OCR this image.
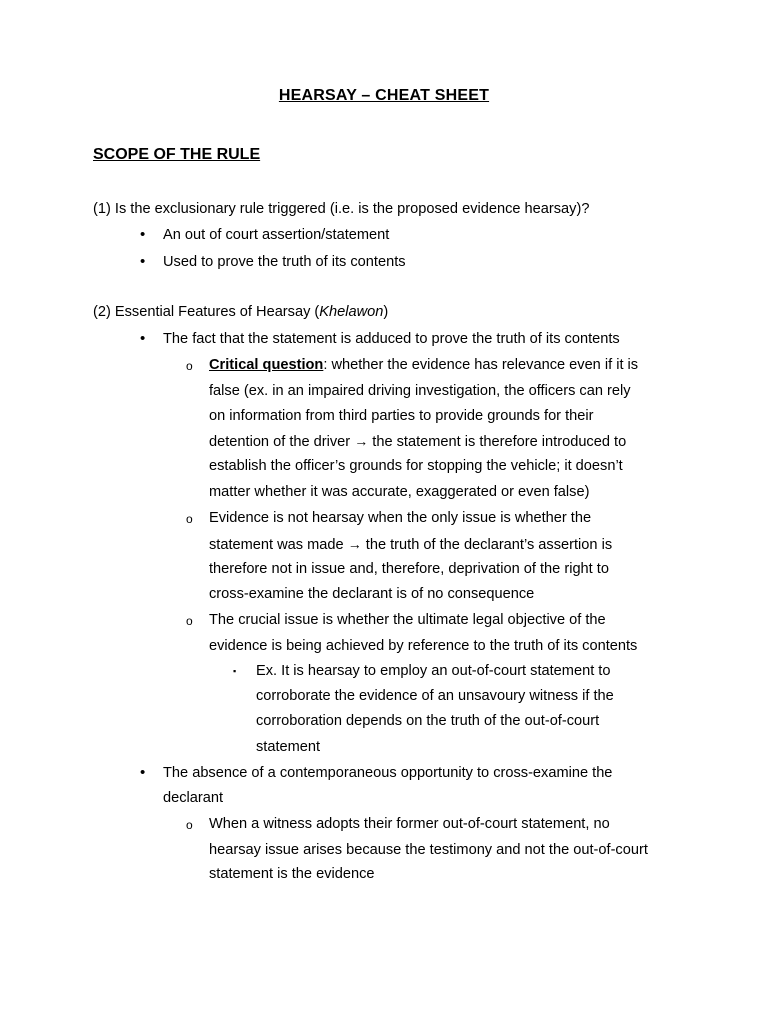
HEARSAY – CHEAT SHEET
SCOPE OF THE RULE
(1) Is the exclusionary rule triggered (i.e. is the proposed evidence hearsay)?
• An out of court assertion/statement
• Used to prove the truth of its contents
(2) Essential Features of Hearsay (Khelawon)
• The fact that the statement is adduced to prove the truth of its contents
o Critical question: whether the evidence has relevance even if it is
false (ex. in an impaired driving investigation, the officers can rely
on information from third parties to provide grounds for their
detention of the driver → the statement is therefore introduced to
establish the officer’s grounds for stopping the vehicle; it doesn’t
matter whether it was accurate, exaggerated or even false)
o Evidence is not hearsay when the only issue is whether the
statement was made → the truth of the declarant’s assertion is
therefore not in issue and, therefore, deprivation of the right to
cross-examine the declarant is of no consequence
o The crucial issue is whether the ultimate legal objective of the
evidence is being achieved by reference to the truth of its contents
▪ Ex. It is hearsay to employ an out-of-court statement to
corroborate the evidence of an unsavoury witness if the
corroboration depends on the truth of the out-of-court
statement
• The absence of a contemporaneous opportunity to cross-examine the
declarant
o When a witness adopts their former out-of-court statement, no
hearsay issue arises because the testimony and not the out-of-court
statement is the evidence
